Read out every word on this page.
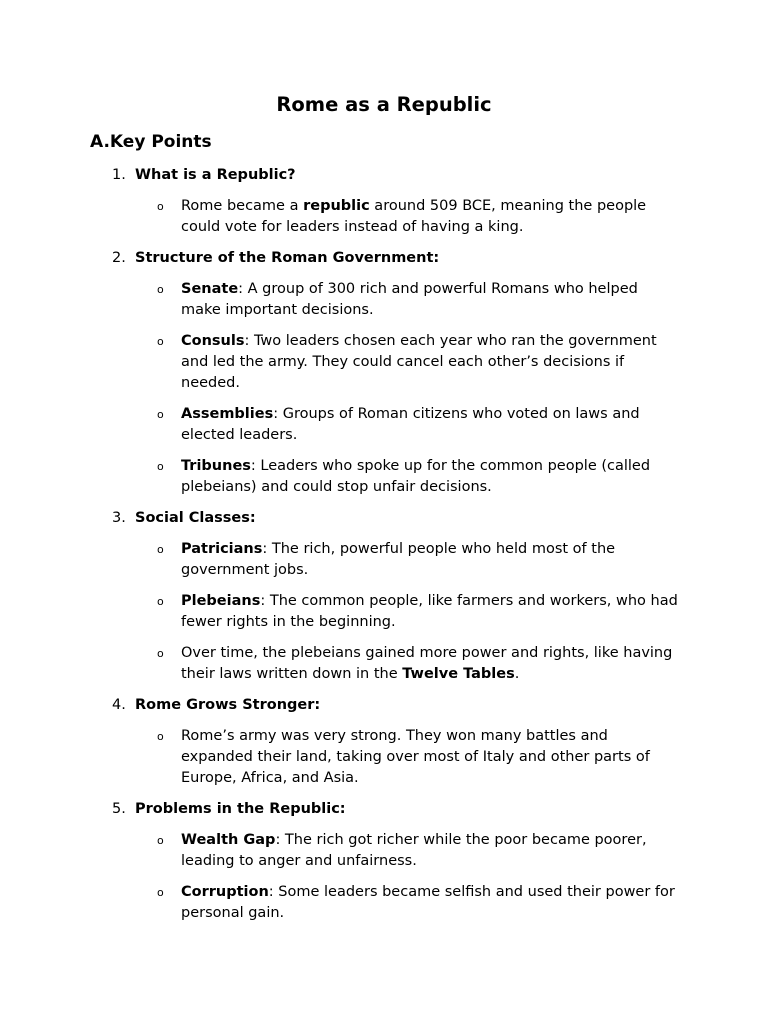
Rome as a Republic
A.Key Points
1. What is a Republic?
o Rome became a republic around 509 BCE, meaning the people could vote for leaders instead of having a king.
2. Structure of the Roman Government:
o Senate: A group of 300 rich and powerful Romans who helped make important decisions.
o Consuls: Two leaders chosen each year who ran the government and led the army. They could cancel each other’s decisions if needed.
o Assemblies: Groups of Roman citizens who voted on laws and elected leaders.
o Tribunes: Leaders who spoke up for the common people (called plebeians) and could stop unfair decisions.
3. Social Classes:
o Patricians: The rich, powerful people who held most of the government jobs.
o Plebeians: The common people, like farmers and workers, who had fewer rights in the beginning.
o Over time, the plebeians gained more power and rights, like having their laws written down in the Twelve Tables.
4. Rome Grows Stronger:
o Rome’s army was very strong. They won many battles and expanded their land, taking over most of Italy and other parts of Europe, Africa, and Asia.
5. Problems in the Republic:
o Wealth Gap: The rich got richer while the poor became poorer, leading to anger and unfairness.
o Corruption: Some leaders became selfish and used their power for personal gain.
